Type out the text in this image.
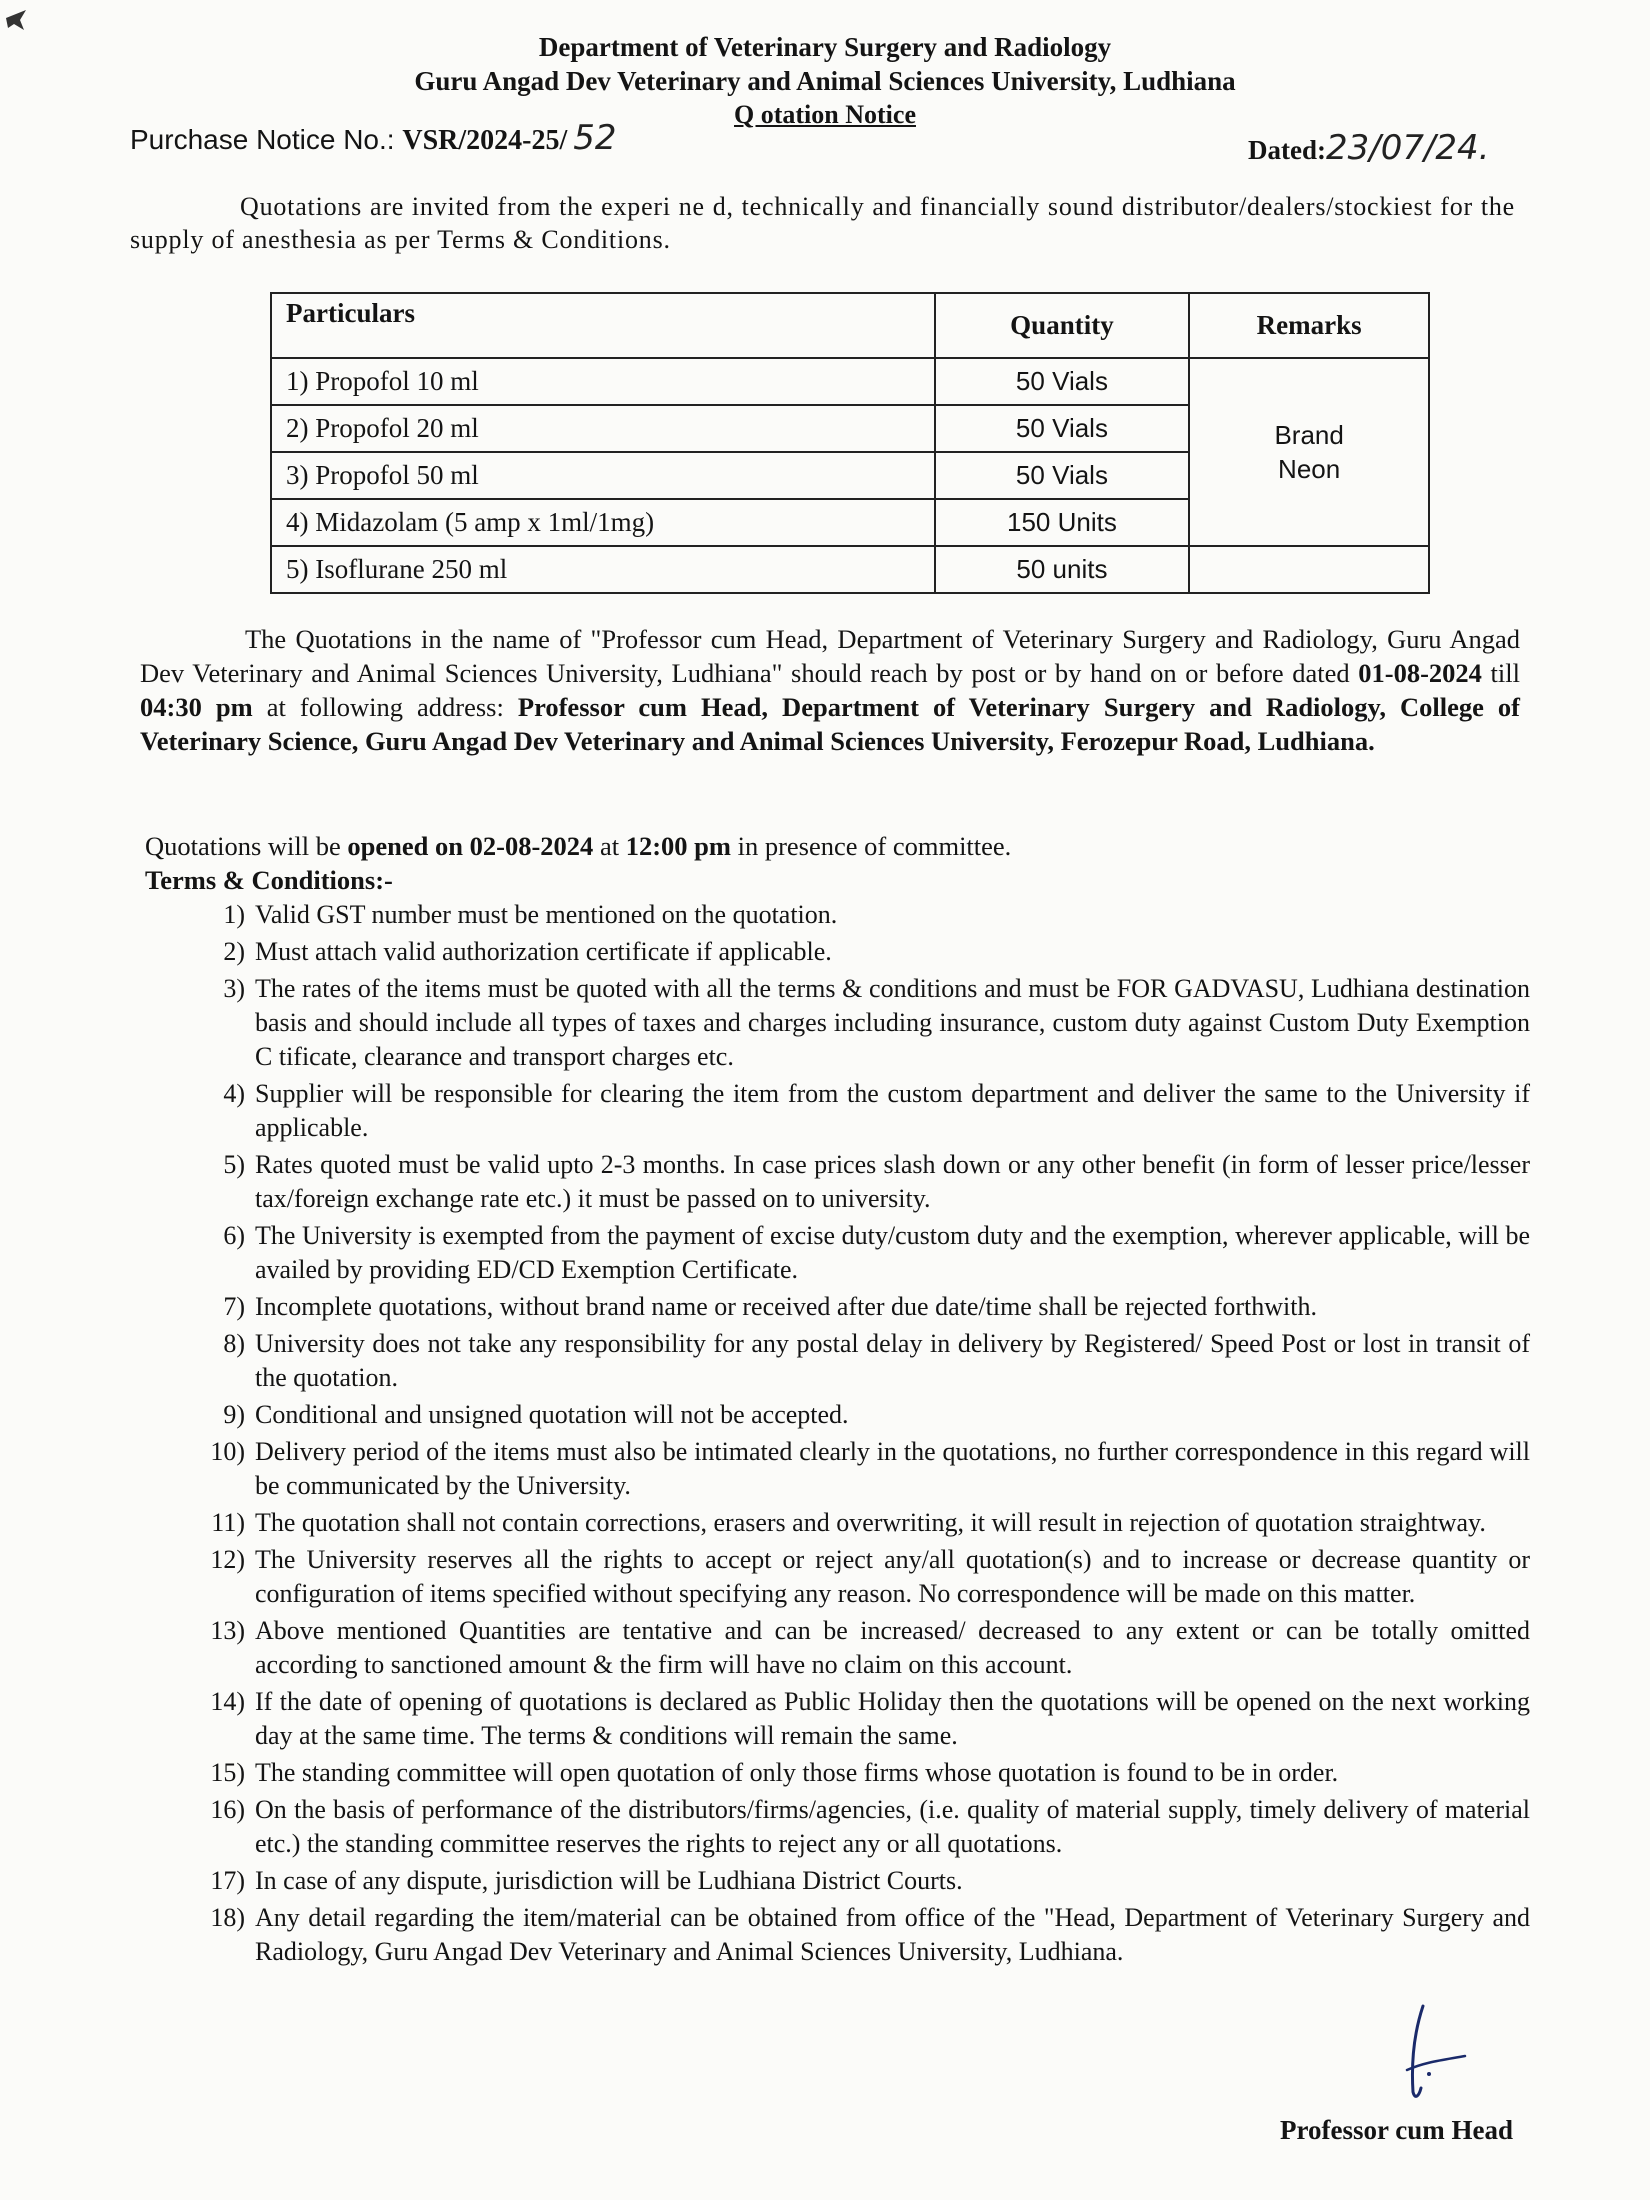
Department of Veterinary Surgery and Radiology
Guru Angad Dev Veterinary and Animal Sciences University, Ludhiana
Q otation Notice
Purchase Notice No.: VSR/2024-25/ 52	Dated:23/07/24.
Quotations are invited from the experi ne d, technically and financially sound distributor/dealers/stockiest for the supply of anesthesia as per Terms & Conditions.
Particulars	Quantity	Remarks
1) Propofol 10 ml	50 Vials	Brand
Neon

2) Propofol 20 ml	50 Vials	
3) Propofol 50 ml	50 Vials	
4) Midazolam (5 amp x 1ml/1mg)	150 Units	
5) Isoflurane 250 ml	50 units	
The Quotations in the name of "Professor cum Head, Department of Veterinary Surgery and Radiology, Guru Angad Dev Veterinary and Animal Sciences University, Ludhiana" should reach by post or by hand on or before dated 01-08-2024 till 04:30 pm at following address: Professor cum Head, Department of Veterinary Surgery and Radiology, College of Veterinary Science, Guru Angad Dev Veterinary and Animal Sciences University, Ferozepur Road, Ludhiana.
Quotations will be opened on 02-08-2024 at 12:00 pm in presence of committee.
Terms & Conditions:-
1) Valid GST number must be mentioned on the quotation.
2) Must attach valid authorization certificate if applicable.
3) The rates of the items must be quoted with all the terms & conditions and must be FOR GADVASU, Ludhiana destination basis and should include all types of taxes and charges including insurance, custom duty against Custom Duty Exemption C tificate, clearance and transport charges etc.
4) Supplier will be responsible for clearing the item from the custom department and deliver the same to the University if applicable.
5) Rates quoted must be valid upto 2-3 months. In case prices slash down or any other benefit (in form of lesser price/lesser tax/foreign exchange rate etc.) it must be passed on to university.
6) The University is exempted from the payment of excise duty/custom duty and the exemption, wherever applicable, will be availed by providing ED/CD Exemption Certificate.
7) Incomplete quotations, without brand name or received after due date/time shall be rejected forthwith.
8) University does not take any responsibility for any postal delay in delivery by Registered/ Speed Post or lost in transit of the quotation.
9) Conditional and unsigned quotation will not be accepted.
10) Delivery period of the items must also be intimated clearly in the quotations, no further correspondence in this regard will be communicated by the University.
11) The quotation shall not contain corrections, erasers and overwriting, it will result in rejection of quotation straightway.
12) The University reserves all the rights to accept or reject any/all quotation(s) and to increase or decrease quantity or configuration of items specified without specifying any reason. No correspondence will be made on this matter.
13) Above mentioned Quantities are tentative and can be increased/ decreased to any extent or can be totally omitted according to sanctioned amount & the firm will have no claim on this account.
14) If the date of opening of quotations is declared as Public Holiday then the quotations will be opened on the next working day at the same time. The terms & conditions will remain the same.
15) The standing committee will open quotation of only those firms whose quotation is found to be in order.
16) On the basis of performance of the distributors/firms/agencies, (i.e. quality of material supply, timely delivery of material etc.) the standing committee reserves the rights to reject any or all quotations.
17) In case of any dispute, jurisdiction will be Ludhiana District Courts.
18) Any detail regarding the item/material can be obtained from office of the "Head, Department of Veterinary Surgery and Radiology, Guru Angad Dev Veterinary and Animal Sciences University, Ludhiana.
Professor cum Head
